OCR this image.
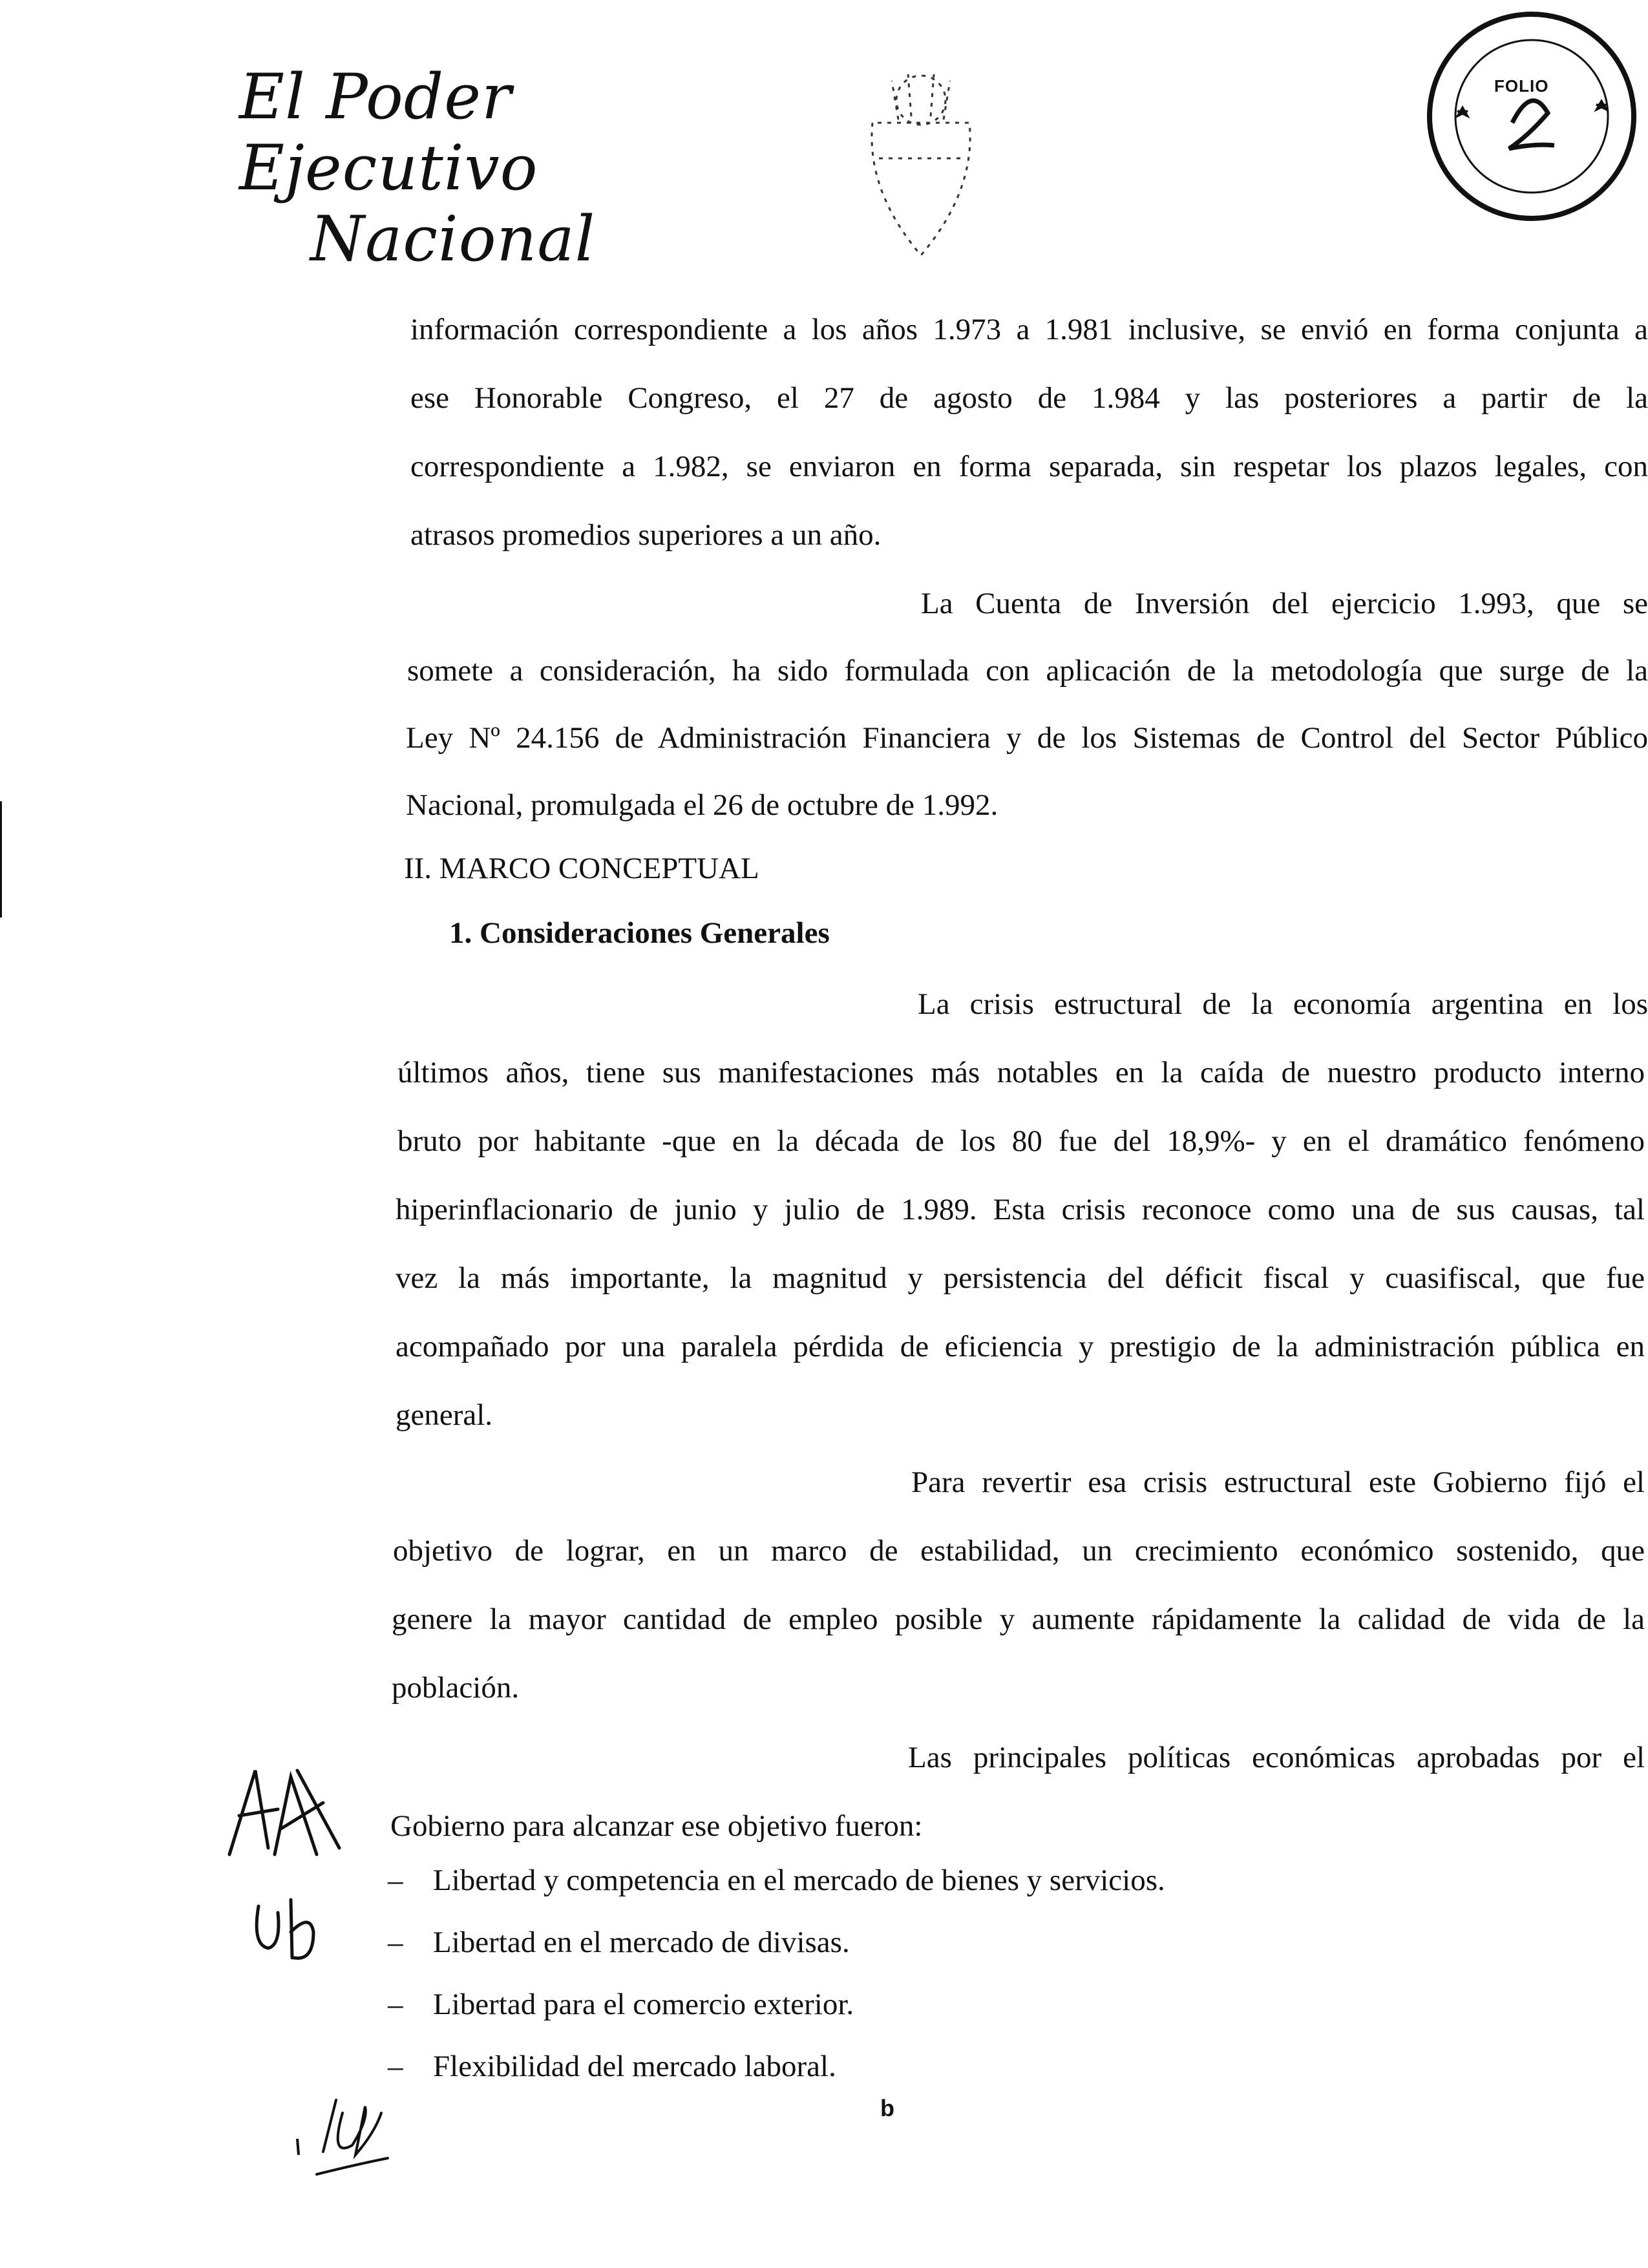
El Poder Ejecutivo
Nacional
FOLIO
información correspondiente a los años 1.973 a 1.981 inclusive, se envió en forma conjunta a
ese Honorable Congreso, el 27 de agosto de 1.984 y las posteriores a partir de la
correspondiente a 1.982, se enviaron en forma separada, sin respetar los plazos legales, con
atrasos promedios superiores a un año.
La Cuenta de Inversión del ejercicio 1.993, que se
somete a consideración, ha sido formulada con aplicación de la metodología que surge de la
Ley Nº 24.156 de Administración Financiera y de los Sistemas de Control del Sector Público
Nacional, promulgada el 26 de octubre de 1.992.
II. MARCO CONCEPTUAL
1. Consideraciones Generales
La crisis estructural de la economía argentina en los
últimos años, tiene sus manifestaciones más notables en la caída de nuestro producto interno
bruto por habitante -que en la década de los 80 fue del 18,9%- y en el dramático fenómeno
hiperinflacionario de junio y julio de 1.989. Esta crisis reconoce como una de sus causas, tal
vez la más importante, la magnitud y persistencia del déficit fiscal y cuasifiscal, que fue
acompañado por una paralela pérdida de eficiencia y prestigio de la administración pública en
general.
Para revertir esa crisis estructural este Gobierno fijó el
objetivo de lograr, en un marco de estabilidad, un crecimiento económico sostenido, que
genere la mayor cantidad de empleo posible y aumente rápidamente la calidad de vida de la
población.
Las principales políticas económicas aprobadas por el
Gobierno para alcanzar ese objetivo fueron:
– Libertad y competencia en el mercado de bienes y servicios.
– Libertad en el mercado de divisas.
– Libertad para el comercio exterior.
– Flexibilidad del mercado laboral.
b
